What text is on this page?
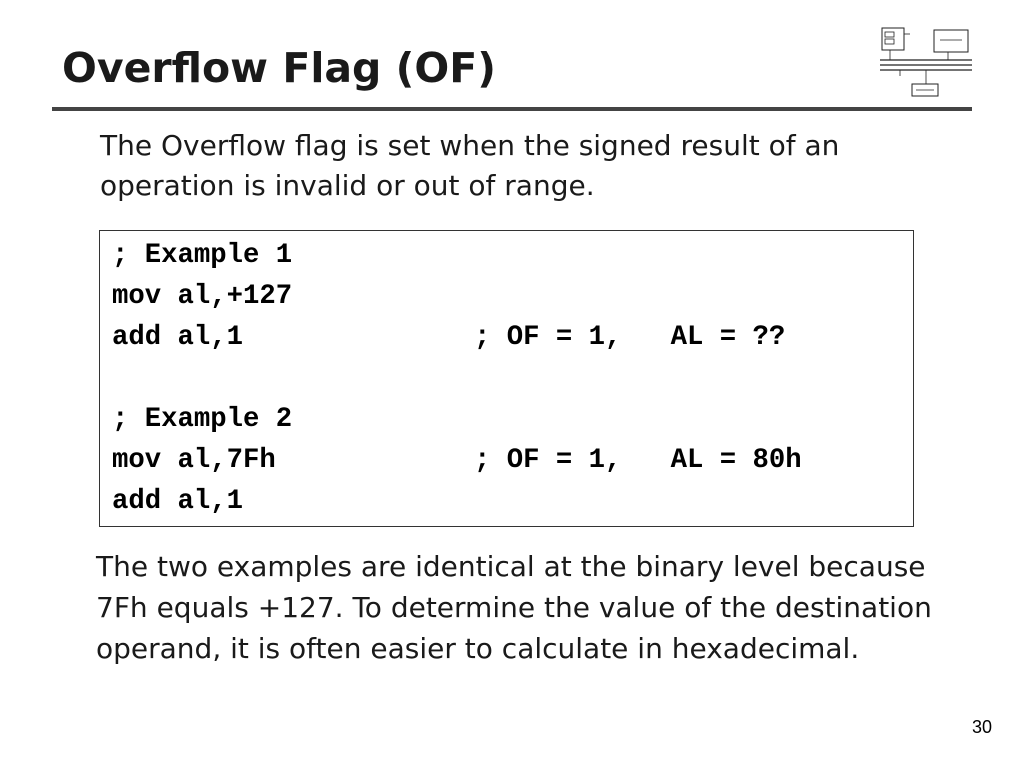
Overflow Flag (OF)
The Overflow flag is set when the signed result of an operation is invalid or out of range.
; Example 1
mov al,+127
add al,1	; OF = 1,   AL = ??
; Example 2
mov al,7Fh	; OF = 1,   AL = 80h
add al,1
The two examples are identical at the binary level because 7Fh equals +127. To determine the value of the destination operand, it is often easier to calculate in hexadecimal.
30
